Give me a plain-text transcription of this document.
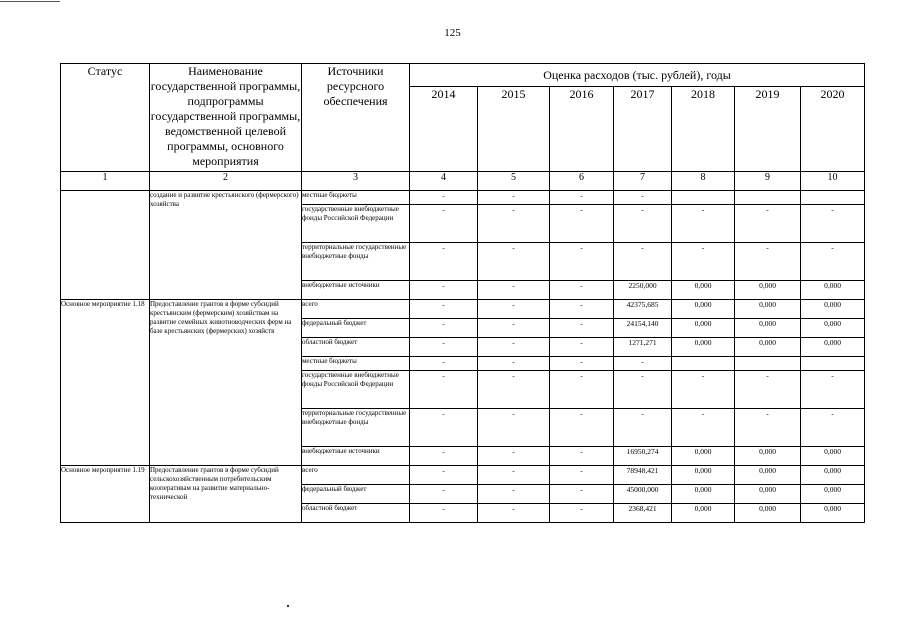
125
Статус	Наименование государственной программы, подпрограммы государственной программы, ведомственной целевой программы, основного мероприятия	Источники ресурсного обеспечения	Оценка расходов (тыс. рублей), годы						
			2014	2015	2016	2017	2018	2019	2020
1	2	3	4	5	6	7	8	9	10
	создание и развитие крестьянского (фермерского) хозяйства	местные бюджеты	-	-	-	-			
		государственные внебюджетные фонды Российской Федерации	-	-	-	-	-	-	-
		территориальные государственные внебюджетные фонды	-	-	-	-	-	-	-
		внебюджетные источники	-	-	-	2250,000	0,000	0,000	0,000
Основное мероприятие 1.18	Предоставление грантов в форме субсидий крестьянским (фермерским) хозяйствам на развитие семейных животноводческих ферм на базе крестьянских (фермерских) хозяйств	всего	-	-	-	42375,685	0,000	0,000	0,000
		федеральный бюджет	-	-	-	24154,140	0,000	0,000	0,000
		областной бюджет	-	-	-	1271,271	0,000	0,000	0,000
		местные бюджеты	-	-	-	-			
		государственные внебюджетные фонды Российской Федерации	-	-	-	-	-	-	-
		территориальные государственные внебюджетные фонды	-	-	-	-	-	-	-
		внебюджетные источники	-	-	-	16950,274	0,000	0,000	0,000
Основное мероприятие 1.19	Предоставление грантов в форме субсидий сельскохозяйственным потребительским кооперативам на развитие материально-технической	всего	-	-	-	78948,421	0,000	0,000	0,000
		федеральный бюджет	-	-	-	45000,000	0,000	0,000	0,000
		областной бюджет	-	-	-	2368,421	0,000	0,000	0,000
